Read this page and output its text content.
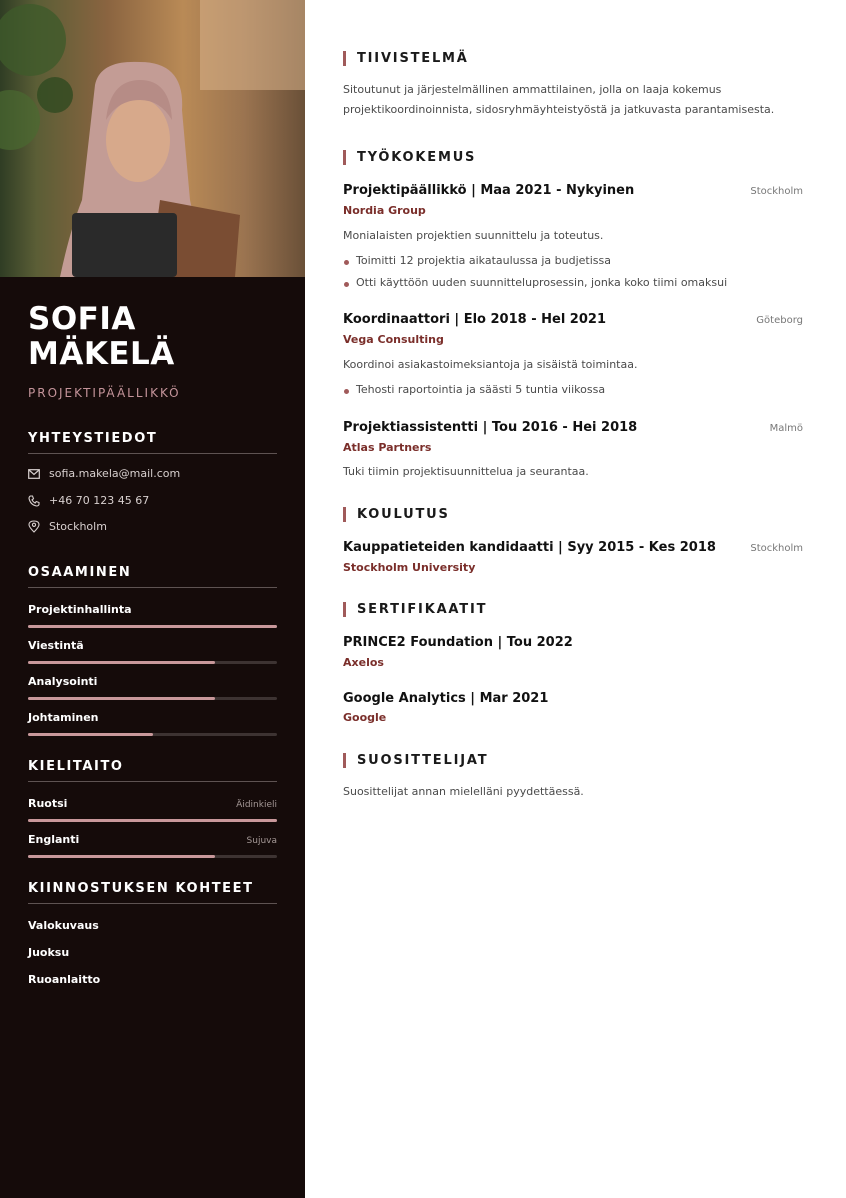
SOFIA
MÄKELÄ
PROJEKTIPÄÄLLIKKÖ
YHTEYSTIEDOT
sofia.makela@mail.com
+46 70 123 45 67
Stockholm
OSAAMINEN
Projektinhallinta
Viestintä
Analysointi
Johtaminen
KIELITAITO
Ruotsi	Äidinkieli
Englanti	Sujuva
KIINNOSTUKSEN KOHTEET
Valokuvaus
Juoksu
Ruoanlaitto
TIIVISTELMÄ
Sitoutunut ja järjestelmällinen ammattilainen, jolla on laaja kokemus
projektikoordinoinnista, sidosryhmäyhteistyöstä ja jatkuvasta parantamisesta.
TYÖKOKEMUS
Projektipäällikkö | Maa 2021 - Nykyinen	Stockholm
Nordia Group
Monialaisten projektien suunnittelu ja toteutus.
Toimitti 12 projektia aikataulussa ja budjetissa
Otti käyttöön uuden suunnitteluprosessin, jonka koko tiimi omaksui
Koordinaattori | Elo 2018 - Hel 2021	Göteborg
Vega Consulting
Koordinoi asiakastoimeksiantoja ja sisäistä toimintaa.
Tehosti raportointia ja säästi 5 tuntia viikossa
Projektiassistentti | Tou 2016 - Hei 2018	Malmö
Atlas Partners
Tuki tiimin projektisuunnittelua ja seurantaa.
KOULUTUS
Kauppatieteiden kandidaatti | Syy 2015 - Kes 2018	Stockholm
Stockholm University
SERTIFIKAATIT
PRINCE2 Foundation | Tou 2022
Axelos
Google Analytics | Mar 2021
Google
SUOSITTELIJAT
Suosittelijat annan mielelläni pyydettäessä.
